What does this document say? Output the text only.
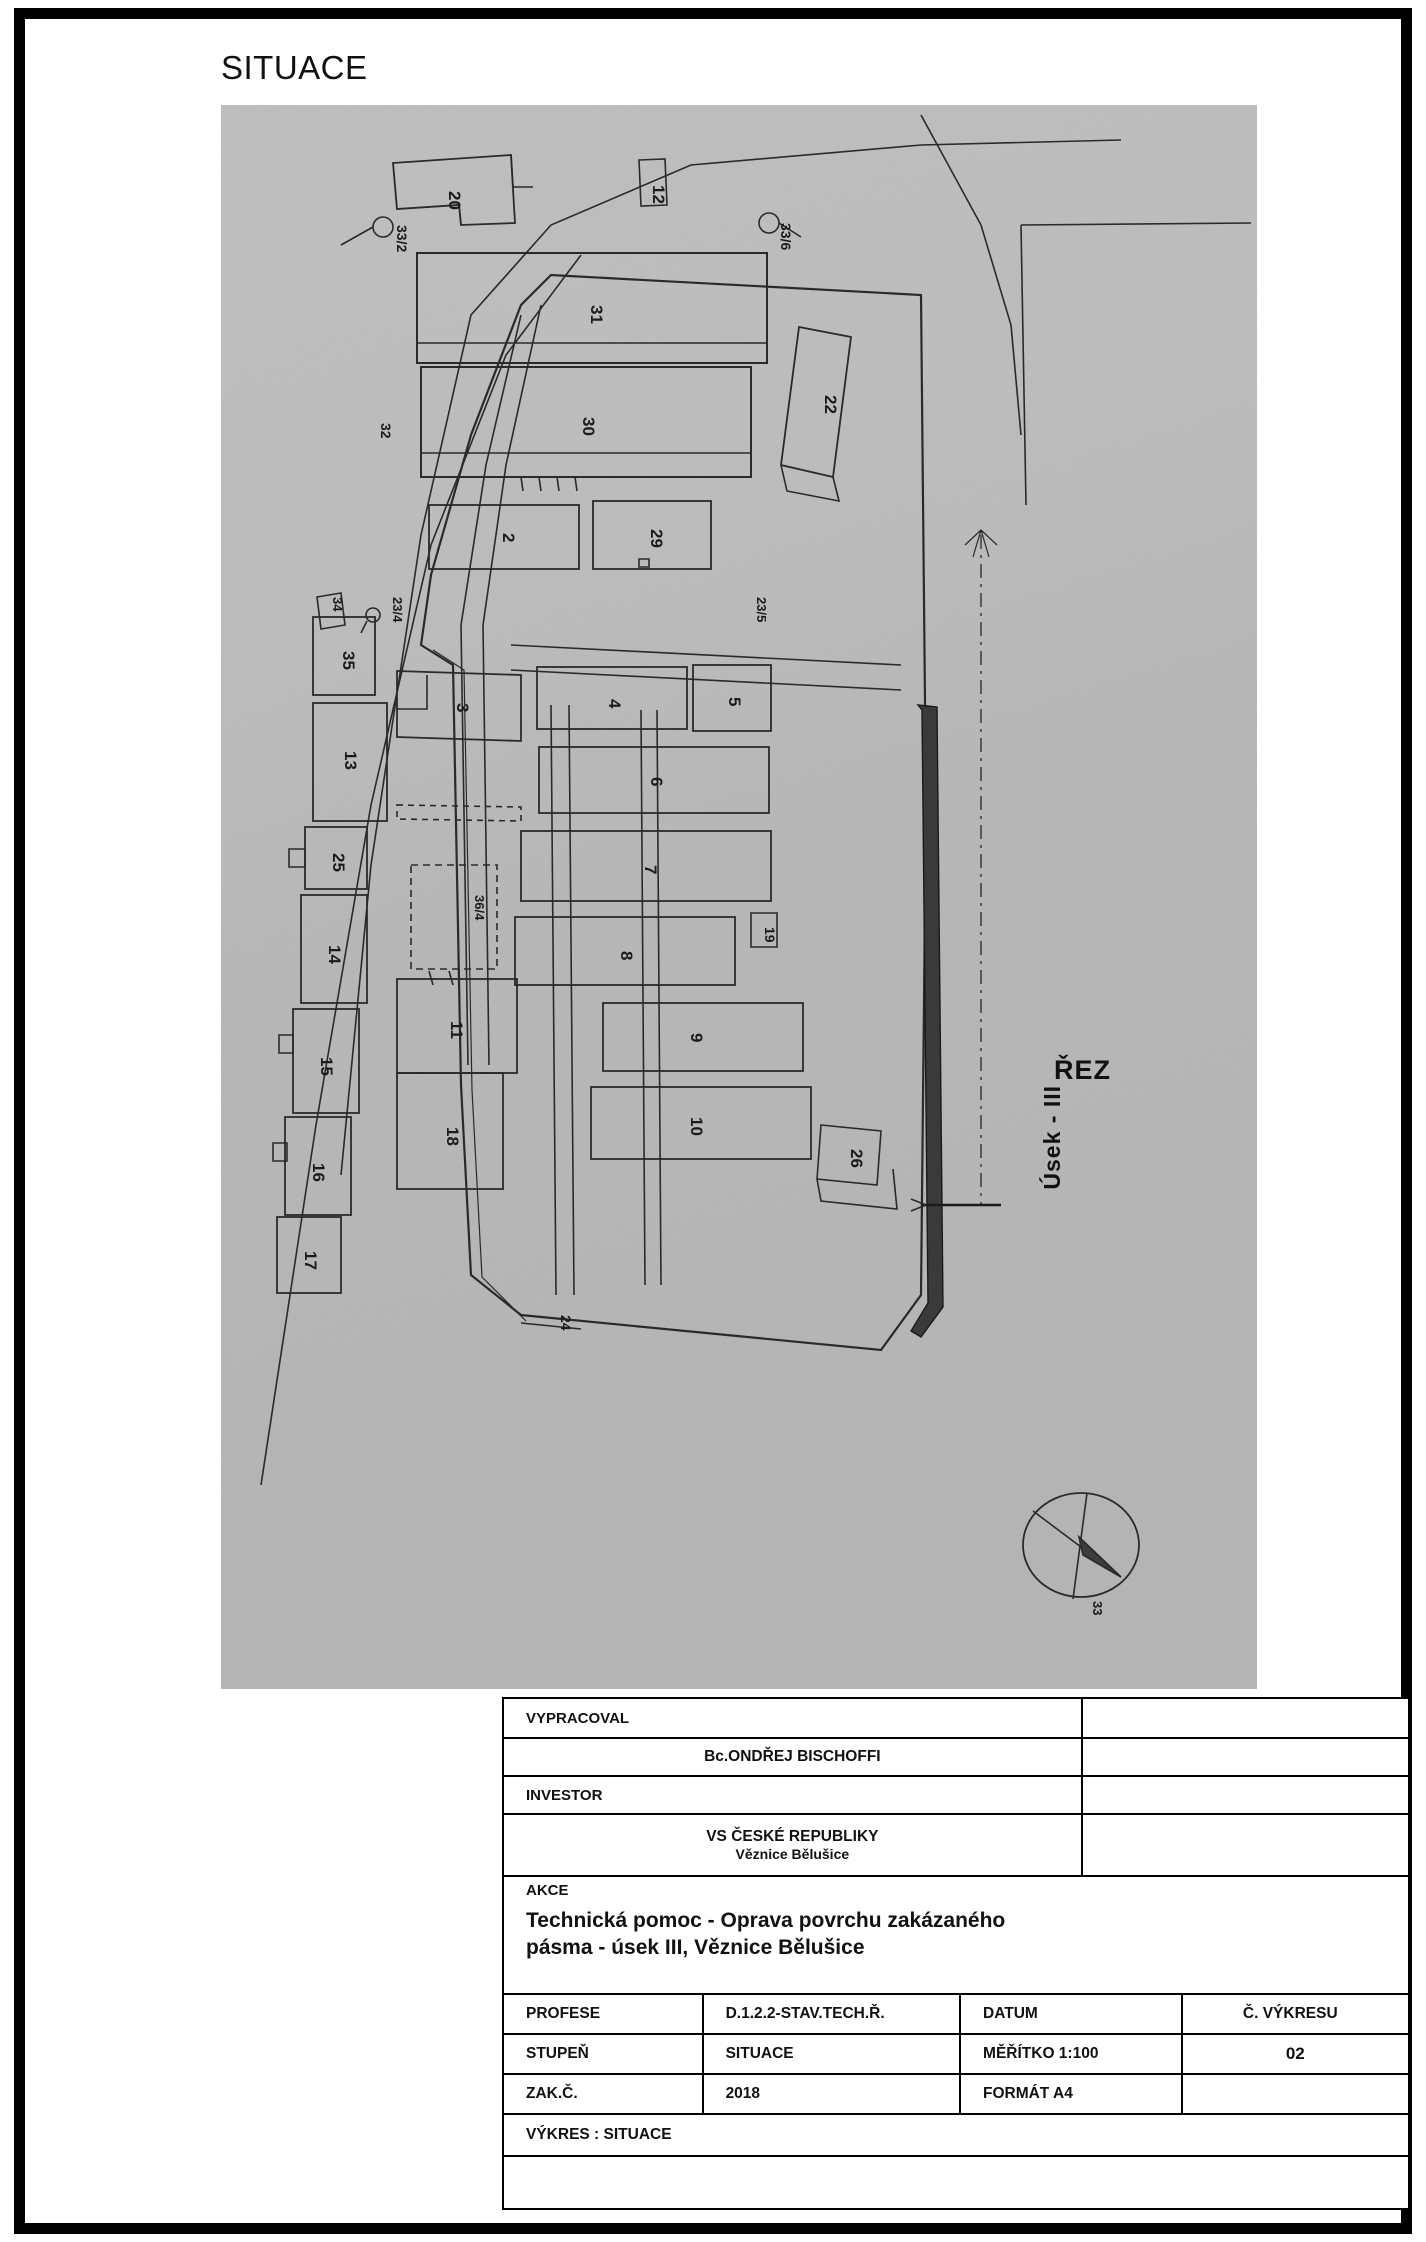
SITUACE
20	12
33/2	33/6
31
22
32	30
2	29
34	23/4	23/5
35
3	4	5
13
6
25
36/4
7
14	8
19
15
11	9
16
18
10
26
17
24
33
ŘEZ
Úsek - III
VYPRACOVAL
Bc.ONDŘEJ BISCHOFFI
INVESTOR
VS ČESKÉ REPUBLIKY
Věznice Bělušice
AKCE
Technická pomoc - Oprava povrchu zakázaného
pásma - úsek III, Věznice Bělušice
PROFESE	D.1.2.2-STAV.TECH.Ř.	DATUM	Č. VÝKRESU
STUPEŇ	SITUACE	MĚŘÍTKO 1:100	02
ZAK.Č.	2018	FORMÁT A4
VÝKRES : SITUACE
